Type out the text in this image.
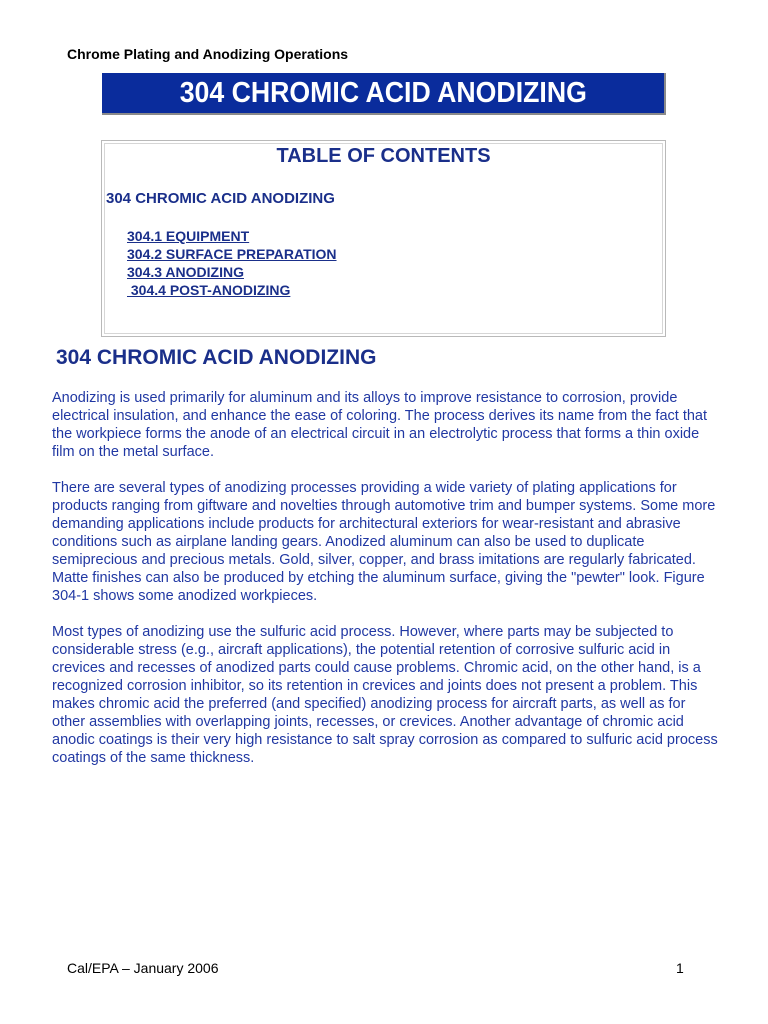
Chrome Plating and Anodizing Operations
304 CHROMIC ACID ANODIZING
TABLE OF CONTENTS
304 CHROMIC ACID ANODIZING
304.1 EQUIPMENT
304.2 SURFACE PREPARATION
304.3 ANODIZING
304.4 POST-ANODIZING
304 CHROMIC ACID ANODIZING

Anodizing is used primarily for aluminum and its alloys to improve resistance to corrosion, provide electrical insulation, and enhance the ease of coloring. The process derives its name from the fact that the workpiece forms the anode of an electrical circuit in an electrolytic process that forms a thin oxide film on the metal surface.

There are several types of anodizing processes providing a wide variety of plating applications for products ranging from giftware and novelties through automotive trim and bumper systems. Some more demanding applications include products for architectural exteriors for wear-resistant and abrasive conditions such as airplane landing gears. Anodized aluminum can also be used to duplicate semiprecious and precious metals. Gold, silver, copper, and brass imitations are regularly fabricated. Matte finishes can also be produced by etching the aluminum surface, giving the "pewter" look. Figure 304-1 shows some anodized workpieces.

Most types of anodizing use the sulfuric acid process. However, where parts may be subjected to considerable stress (e.g., aircraft applications), the potential retention of corrosive sulfuric acid in crevices and recesses of anodized parts could cause problems. Chromic acid, on the other hand, is a recognized corrosion inhibitor, so its retention in crevices and joints does not present a problem. This makes chromic acid the preferred (and specified) anodizing process for aircraft parts, as well as for other assemblies with overlapping joints, recesses, or crevices. Another advantage of chromic acid anodic coatings is their very high resistance to salt spray corrosion as compared to sulfuric acid process coatings of the same thickness.

Cal/EPA – January 2006	1
